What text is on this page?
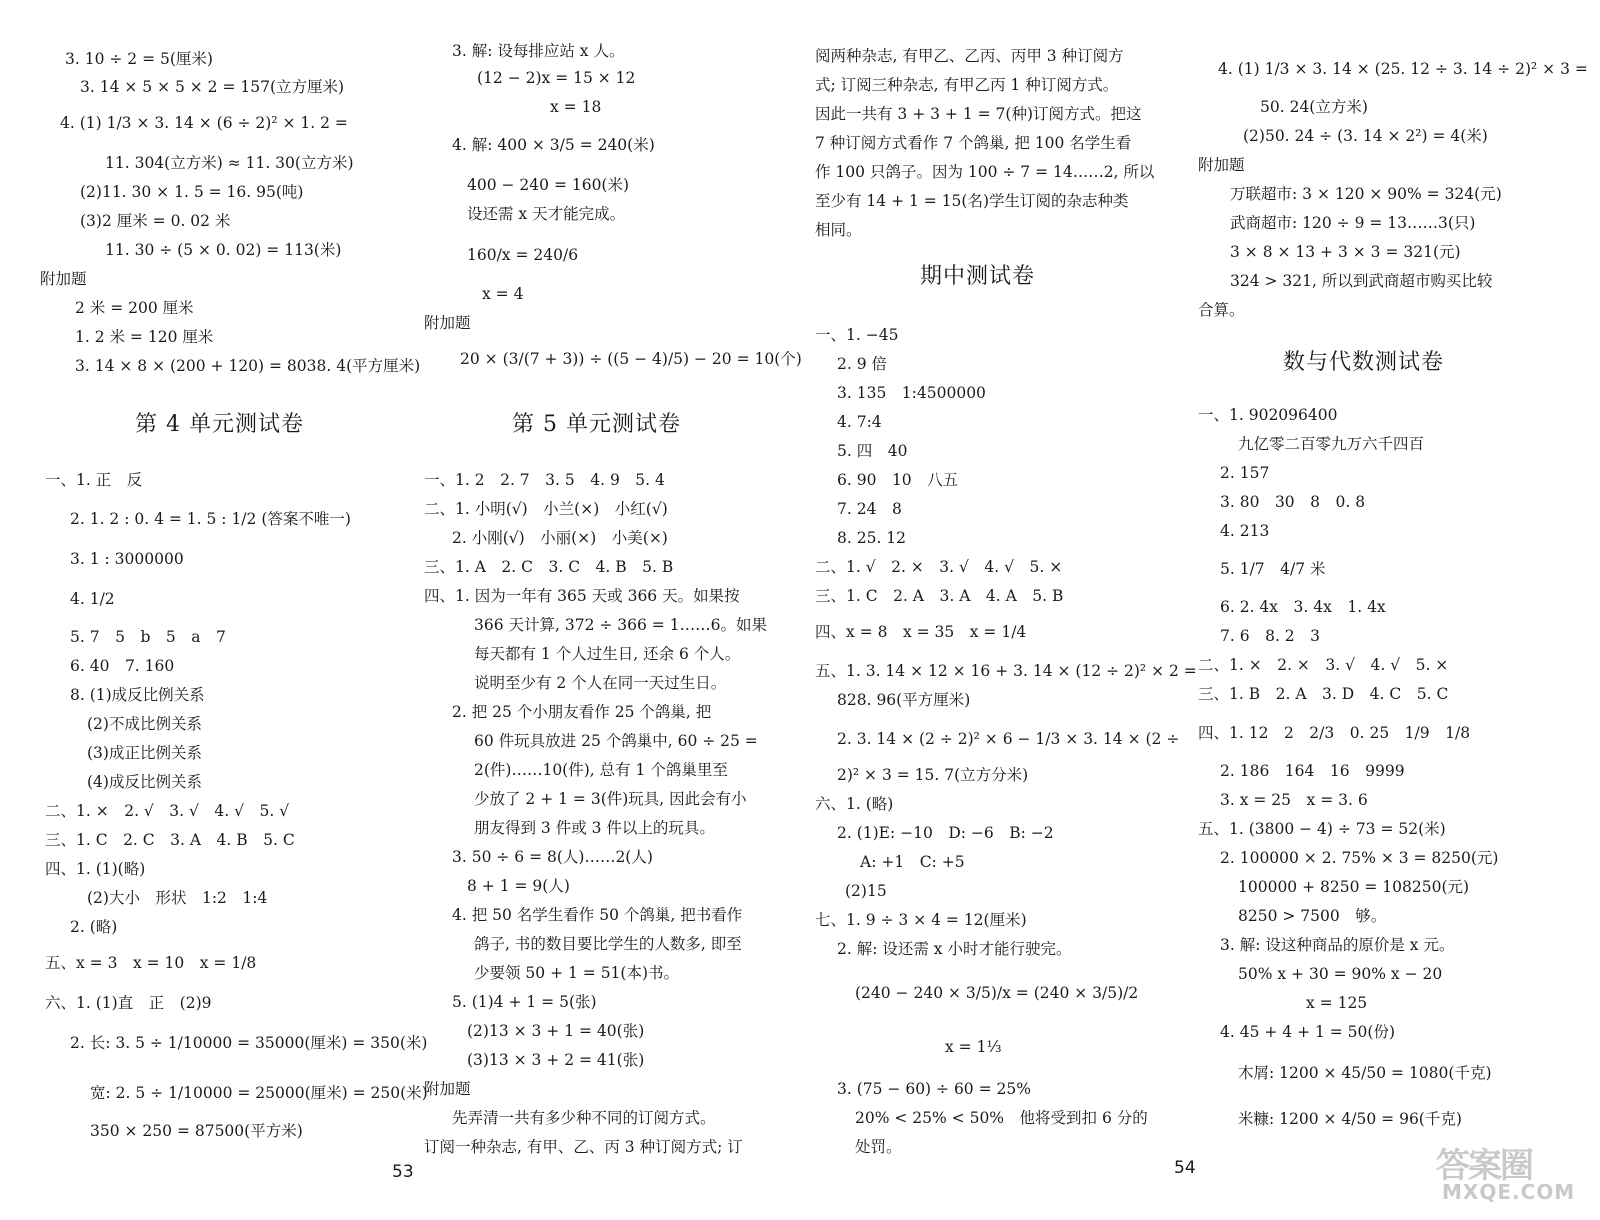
3. 10 ÷ 2 = 5(厘米)
3. 14 × 5 × 5 × 2 = 157(立方厘米)
4. (1) 1/3 × 3. 14 × (6 ÷ 2)² × 1. 2 =
11. 304(立方米) ≈ 11. 30(立方米)
(2)11. 30 × 1. 5 = 16. 95(吨)
(3)2 厘米 = 0. 02 米
11. 30 ÷ (5 × 0. 02) = 113(米)
附加题
2 米 = 200 厘米
1. 2 米 = 120 厘米
3. 14 × 8 × (200 + 120) = 8038. 4(平方厘米)
第 4 单元测试卷
一、1. 正　反
2. 1. 2 : 0. 4 = 1. 5 : 1/2 (答案不唯一)
3. 1 : 3000000
4. 1/2
5. 7　5　b　5　a　7
6. 40　7. 160
8. (1)成反比例关系
(2)不成比例关系
(3)成正比例关系
(4)成反比例关系
二、1. ×　2. √　3. √　4. √　5. √
三、1. C　2. C　3. A　4. B　5. C
四、1. (1)(略)
(2)大小　形状　1:2　1:4
2. (略)
五、x = 3　x = 10　x = 1/8
六、1. (1)直　正　(2)9
2. 长: 3. 5 ÷ 1/10000 = 35000(厘米) = 350(米)
宽: 2. 5 ÷ 1/10000 = 25000(厘米) = 250(米)
350 × 250 = 87500(平方米)
3. 解: 设每排应站 x 人。
(12 − 2)x = 15 × 12
x = 18
4. 解: 400 × 3/5 = 240(米)
400 − 240 = 160(米)
设还需 x 天才能完成。
160/x = 240/6
x = 4
附加题
20 × (3/(7 + 3)) ÷ ((5 − 4)/5) − 20 = 10(个)
第 5 单元测试卷
一、1. 2　2. 7　3. 5　4. 9　5. 4
二、1. 小明(√)　小兰(×)　小红(√)
2. 小刚(√)　小丽(×)　小美(×)
三、1. A　2. C　3. C　4. B　5. B
四、1. 因为一年有 365 天或 366 天。如果按
366 天计算, 372 ÷ 366 = 1……6。如果
每天都有 1 个人过生日, 还余 6 个人。
说明至少有 2 个人在同一天过生日。
2. 把 25 个小朋友看作 25 个鸽巢, 把
60 件玩具放进 25 个鸽巢中, 60 ÷ 25 =
2(件)……10(件), 总有 1 个鸽巢里至
少放了 2 + 1 = 3(件)玩具, 因此会有小
朋友得到 3 件或 3 件以上的玩具。
3. 50 ÷ 6 = 8(人)……2(人)
8 + 1 = 9(人)
4. 把 50 名学生看作 50 个鸽巢, 把书看作
鸽子, 书的数目要比学生的人数多, 即至
少要领 50 + 1 = 51(本)书。
5. (1)4 + 1 = 5(张)
(2)13 × 3 + 1 = 40(张)
(3)13 × 3 + 2 = 41(张)
附加题
先弄清一共有多少种不同的订阅方式。
订阅一种杂志, 有甲、乙、丙 3 种订阅方式; 订
阅两种杂志, 有甲乙、乙丙、丙甲 3 种订阅方
式; 订阅三种杂志, 有甲乙丙 1 种订阅方式。
因此一共有 3 + 3 + 1 = 7(种)订阅方式。把这
7 种订阅方式看作 7 个鸽巢, 把 100 名学生看
作 100 只鸽子。因为 100 ÷ 7 = 14……2, 所以
至少有 14 + 1 = 15(名)学生订阅的杂志种类
相同。
期中测试卷
一、1. −45
2. 9 倍
3. 135　1:4500000
4. 7:4
5. 四　40
6. 90　10　八五
7. 24　8
8. 25. 12
二、1. √　2. ×　3. √　4. √　5. ×
三、1. C　2. A　3. A　4. A　5. B
四、x = 8　x = 35　x = 1/4
五、1. 3. 14 × 12 × 16 + 3. 14 × (12 ÷ 2)² × 2 =
828. 96(平方厘米)
2. 3. 14 × (2 ÷ 2)² × 6 − 1/3 × 3. 14 × (2 ÷
2)² × 3 = 15. 7(立方分米)
六、1. (略)
2. (1)E: −10　D: −6　B: −2
A: +1　C: +5
(2)15
七、1. 9 ÷ 3 × 4 = 12(厘米)
2. 解: 设还需 x 小时才能行驶完。
(240 − 240 × 3/5)/x = (240 × 3/5)/2
x = 1⅓
3. (75 − 60) ÷ 60 = 25%
20% < 25% < 50%　他将受到扣 6 分的
处罚。
4. (1) 1/3 × 3. 14 × (25. 12 ÷ 3. 14 ÷ 2)² × 3 =
50. 24(立方米)
(2)50. 24 ÷ (3. 14 × 2²) = 4(米)
附加题
万联超市: 3 × 120 × 90% = 324(元)
武商超市: 120 ÷ 9 = 13……3(只)
3 × 8 × 13 + 3 × 3 = 321(元)
324 > 321, 所以到武商超市购买比较
合算。
数与代数测试卷
一、1. 902096400
九亿零二百零九万六千四百
2. 157
3. 80　30　8　0. 8
4. 213
5. 1/7　4/7 米
6. 2. 4x　3. 4x　1. 4x
7. 6　8. 2　3
二、1. ×　2. ×　3. √　4. √　5. ×
三、1. B　2. A　3. D　4. C　5. C
四、1. 12　2　2/3　0. 25　1/9　1/8
2. 186　164　16　9999
3. x = 25　x = 3. 6
五、1. (3800 − 4) ÷ 73 = 52(米)
2. 100000 × 2. 75% × 3 = 8250(元)
100000 + 8250 = 108250(元)
8250 > 7500　够。
3. 解: 设这种商品的原价是 x 元。
50% x + 30 = 90% x − 20
x = 125
4. 45 + 4 + 1 = 50(份)
木屑: 1200 × 45/50 = 1080(千克)
米糠: 1200 × 4/50 = 96(千克)
53	54	答案圈
MXQE.COM
